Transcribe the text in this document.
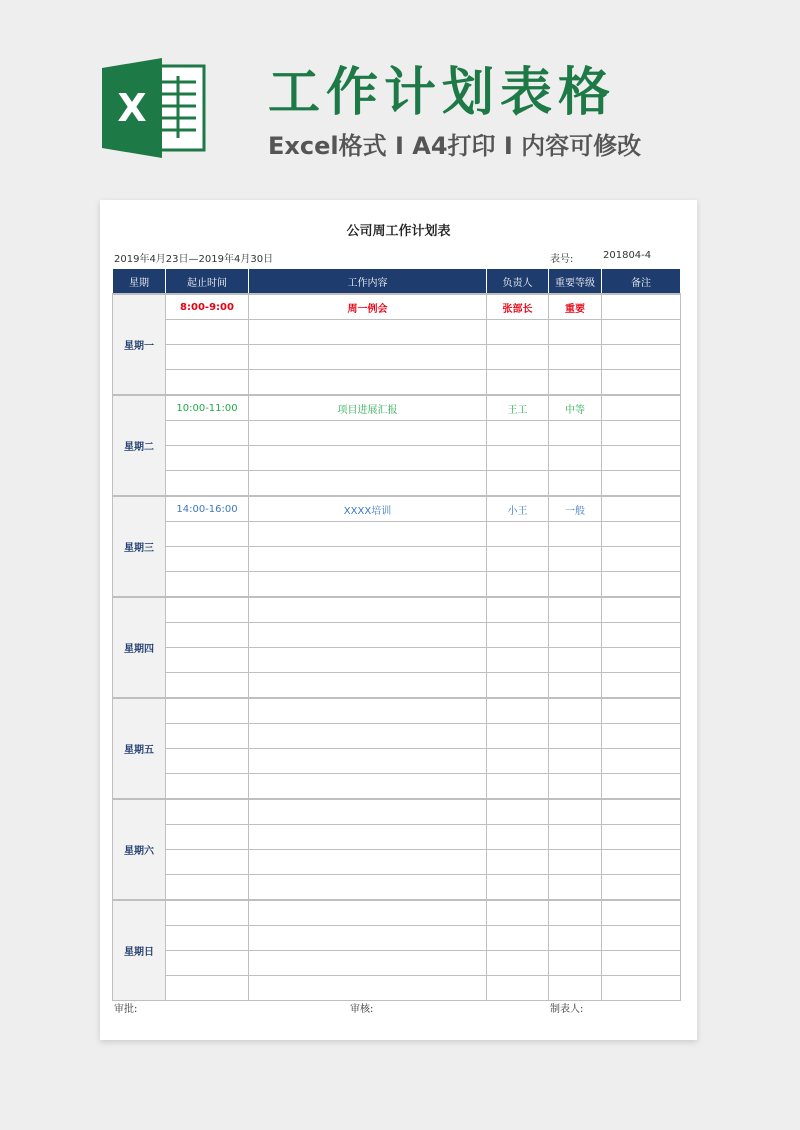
X 工作计划表格
Excel格式 I A4打印 I 内容可修改
公司周工作计划表
2019年4月23日—2019年4月30日	表号:	201804-4
星期	起止时间	工作内容	负责人	重要等级	备注
星期一	8:00-9:00	周一例会	张部长	重要	

星期二	10:00-11:00	项目进展汇报	王工	中等	

星期三	14:00-16:00	XXXX培训	小王	一般	

星期四					

星期五					

星期六					

星期日					

审批:	审核:	制表人:
